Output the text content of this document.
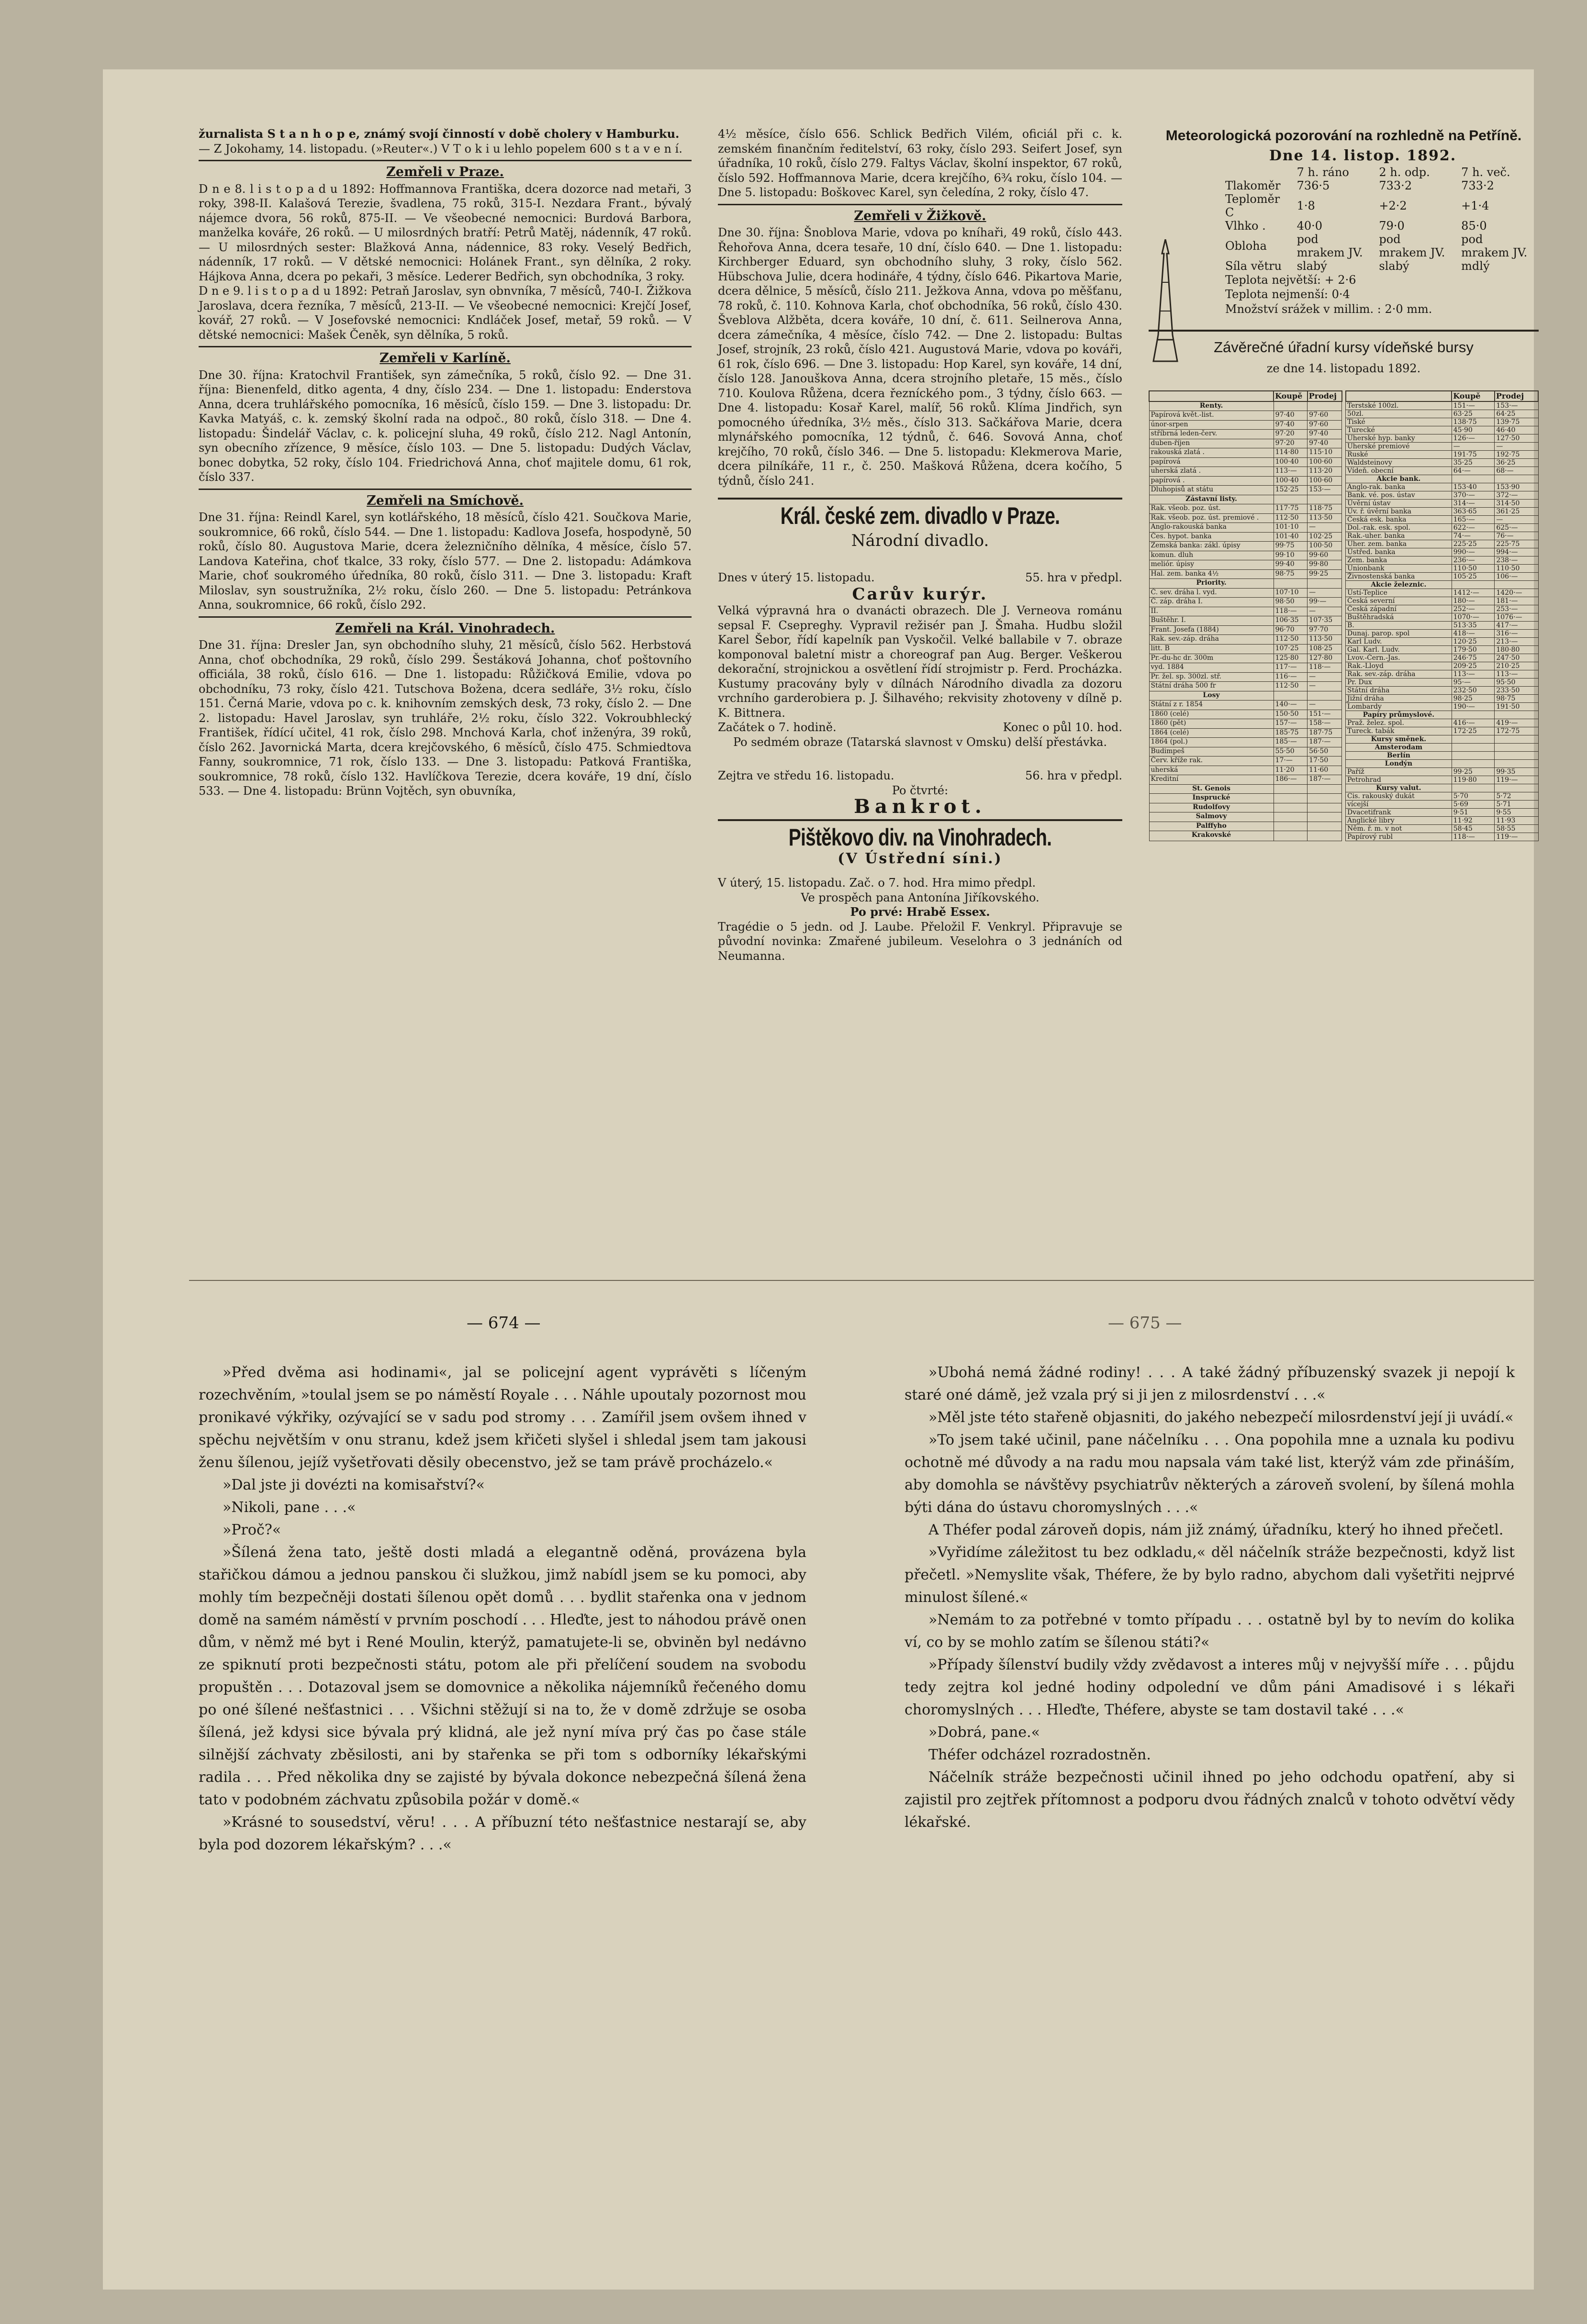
žurnalista S t a n h o p e, známý svojí činností v době cholery v Hamburku.

— Z Jokohamy, 14. listopadu. (»Reuter«.) V T o k i u lehlo popelem 600 s t a v e n í.

Zemřeli v Praze.

D n e 8. l i s t o p a d u 1892: Hoffmannova Františka, dcera dozorce nad metaři, 3 roky, 398-II. Kalašová Terezie, švadlena, 75 roků, 315-I. Nezdara Frant., bývalý nájemce dvora, 56 roků, 875-II. — Ve všeobecné nemocnici: Burdová Barbora, manželka kováře, 26 roků. — U milosrdných bratří: Petrů Matěj, nádenník, 47 roků. — U milosrdných sester: Blažková Anna, nádennice, 83 roky. Veselý Bedřich, nádenník, 17 roků. — V dětské nemocnici: Holánek Frant., syn dělníka, 2 roky. Hájkova Anna, dcera po pekaři, 3 měsíce. Lederer Bedřich, syn obchodníka, 3 roky.

D n e 9. l i s t o p a d u 1892: Petraň Jaroslav, syn obnvníka, 7 měsíců, 740-I. Žižkova Jaroslava, dcera řezníka, 7 měsíců, 213-II. — Ve všeobecné nemocnici: Krejčí Josef, kovář, 27 roků. — V Josefovské nemocnici: Kndláček Josef, metař, 59 roků. — V dětské nemocnici: Mašek Čeněk, syn dělníka, 5 roků.

Zemřeli v Karlíně.

Dne 30. října: Kratochvil František, syn zámečníka, 5 roků, číslo 92. — Dne 31. října: Bienenfeld, ditko agenta, 4 dny, číslo 234. — Dne 1. listopadu: Enderstova Anna, dcera truhlářského pomocníka, 16 měsíců, číslo 159. — Dne 3. listopadu: Dr. Kavka Matyáš, c. k. zemský školní rada na odpoč., 80 roků, číslo 318. — Dne 4. listopadu: Šindelář Václav, c. k. policejní sluha, 49 roků, číslo 212. Nagl Antonín, syn obecního zřízence, 9 měsíce, číslo 103. — Dne 5. listopadu: Dudých Václav, bonec dobytka, 52 roky, číslo 104. Friedrichová Anna, choť majitele domu, 61 rok, číslo 337.

Zemřeli na Smíchově.

Dne 31. října: Reindl Karel, syn kotlářského, 18 měsíců, číslo 421. Součkova Marie, soukromnice, 66 roků, číslo 544. — Dne 1. listopadu: Kadlova Josefa, hospodyně, 50 roků, číslo 80. Augustova Marie, dcera železničního dělníka, 4 měsíce, číslo 57. Landova Kateřina, choť tkalce, 33 roky, číslo 577. — Dne 2. listopadu: Adámkova Marie, choť soukromého úředníka, 80 roků, číslo 311. — Dne 3. listopadu: Kraft Miloslav, syn soustružníka, 2½ roku, číslo 260. — Dne 5. listopadu: Petránkova Anna, soukromnice, 66 roků, číslo 292.

Zemřeli na Král. Vinohradech.

Dne 31. října: Dresler Jan, syn obchodního sluhy, 21 měsíců, číslo 562. Herbstová Anna, choť obchodníka, 29 roků, číslo 299. Šestáková Johanna, choť poštovního officiála, 38 roků, číslo 616. — Dne 1. listopadu: Růžičková Emilie, vdova po obchodníku, 73 roky, číslo 421. Tutschova Božena, dcera sedláře, 3½ roku, číslo 151. Černá Marie, vdova po c. k. knihovním zemských desk, 73 roky, číslo 2. — Dne 2. listopadu: Havel Jaroslav, syn truhláře, 2½ roku, číslo 322. Vokroubhlecký František, řídící učitel, 41 rok, číslo 298. Mnchová Karla, choť inženýra, 39 roků, číslo 262. Javornická Marta, dcera krejčovského, 6 měsíců, číslo 475. Schmiedtova Fanny, soukromnice, 71 rok, číslo 133. — Dne 3. listopadu: Patková Františka, soukromnice, 78 roků, číslo 132. Havlíčkova Terezie, dcera kováře, 19 dní, číslo 533. — Dne 4. listopadu: Brünn Vojtěch, syn obuvníka,

4½ měsíce, číslo 656. Schlick Bedřich Vilém, oficiál při c. k. zemském finančním ředitelství, 63 roky, číslo 293. Seifert Josef, syn úřadníka, 10 roků, číslo 279. Faltys Václav, školní inspektor, 67 roků, číslo 592. Hoffmannova Marie, dcera krejčího, 6¾ roku, číslo 104. — Dne 5. listopadu: Boškovec Karel, syn čeledína, 2 roky, číslo 47.

Zemřeli v Žižkově.

Dne 30. října: Šnoblova Marie, vdova po kníhaři, 49 roků, číslo 443. Řehořova Anna, dcera tesaře, 10 dní, číslo 640. — Dne 1. listopadu: Kirchberger Eduard, syn obchodního sluhy, 3 roky, číslo 562. Hübschova Julie, dcera hodináře, 4 týdny, číslo 646. Pikartova Marie, dcera dělnice, 5 měsíců, číslo 211. Ježkova Anna, vdova po měšťanu, 78 roků, č. 110. Kohnova Karla, choť obchodníka, 56 roků, číslo 430. Šveblova Alžběta, dcera kováře, 10 dní, č. 611. Seilnerova Anna, dcera zámečníka, 4 měsíce, číslo 742. — Dne 2. listopadu: Bultas Josef, strojník, 23 roků, číslo 421. Augustová Marie, vdova po kováři, 61 rok, číslo 696. — Dne 3. listopadu: Hop Karel, syn kováře, 14 dní, číslo 128. Janouškova Anna, dcera strojního pletaře, 15 měs., číslo 710. Koulova Růžena, dcera řezníckého pom., 3 týdny, číslo 663. — Dne 4. listopadu: Kosař Karel, malíř, 56 roků. Klíma Jindřich, syn pomocného úředníka, 3½ měs., číslo 313. Sačkářova Marie, dcera mlynářského pomocníka, 12 týdnů, č. 646. Sovová Anna, choť krejčího, 70 roků, číslo 346. — Dne 5. listopadu: Klekmerova Marie, dcera pilníkáře, 11 r., č. 250. Mašková Růžena, dcera kočího, 5 týdnů, číslo 241.

Král. české zem. divadlo v Praze.
Národní divadlo.
Dnes v úterý 15. listopadu.	55. hra v předpl.
Carův kurýr.

Velká výpravná hra o dvanácti obrazech. Dle J. Verneova románu sepsal F. Csepreghy. Vypravil režisér pan J. Šmaha. Hudbu složil Karel Šebor, řídí kapelník pan Vyskočil. Velké ballabile v 7. obraze komponoval baletní mistr a choreograf pan Aug. Berger. Veškerou dekorační, strojnickou a osvětlení řídí strojmistr p. Ferd. Procházka. Kustumy pracovány byly v dílnách Národního divadla za dozoru vrchního garderobiera p. J. Šilhavého; rekvisity zhotoveny v dílně p. K. Bittnera.

Začátek o 7. hodině.	Konec o půl 10. hod.

Po sedmém obraze (Tatarská slavnost v Omsku) delší přestávka.

Zejtra ve středu 16. listopadu.	56. hra v předpl.
Po čtvrté:
Bankrot.
Pištěkovo div. na Vinohradech.
(V Ústřední síni.)

V úterý, 15. listopadu. Zač. o 7. hod. Hra mimo předpl.

Ve prospěch pana Antonína Jiříkovského.

Po prvé: Hrabě Essex.

Tragédie o 5 jedn. od J. Laube. Přeložil F. Venkryl. Připravuje se původní novinka: Zmařené jubileum. Veselohra o 3 jednáních od Neumanna.

Meteorologická pozorování na rozhledně na Petříně.
Dne 14. listop. 1892.
	7 h. ráno	2 h. odp.	7 h. več.
Tlakoměr	736·5	733·2	733·2
Teploměr C	1·8	+2·2	+1·4
Vlhko .	40·0	79·0	85·0
Obloha	pod mrakem JV.	pod mrakem JV.	pod mrakem JV.
Síla větru	slabý	slabý	mdlý
Teplota největší: + 2·6
Teplota nejmenší: 0·4
Množství srážek v millim. : 2·0 mm.
Závěrečné úřadní kursy vídeňské bursy
ze dne 14. listopadu 1892.
	Koupě	Prodej
Renty.		
Papírová květ.-list.	97·40	97·60
únor-srpen	97·40	97·60
stříbrná leden-červ.	97·20	97·40
duben-říjen	97·20	97·40
rakouská zlatá .	114·80	115·10
papírová	100·40	100·60
uherská zlatá .	113·—	113·20
papírová .	100·40	100·60
Dluhopisů at státu	152·25	153·—
Zástavní listy.		
Rak. všeob. poz. úst.	117·75	118·75
Rak. všeob. poz. úst. premiové .	112·50	113·50
Anglo-rakouská banka	101·10	—
Čes. hypot. banka	101·40	102·25
Zemská banka: zákl. úpisy	99·75	100·50
komun. dluh	99·10	99·60
meliór. úpisy	99·40	99·80
Hal. zem. banka 4½	98·75	99·25
Priority.		
Č. sev. dráha l. vyd.	107·10	—
Č. záp. dráha I.	98·50	99·—
II.	118·—	—
Buštěhr. I.	106·35	107·35
Frant. Josefa (1884)	96·70	97·70
Rak. sev.-záp. dráha	112·50	113·50
litt. B	107·25	108·25
Pr.-du-hc dr. 300m	125·80	127·80
vyd. 1884	117·—	118·—
Pr. žel. sp. 300zl. stř.	116·—	—
Státní dráha 500 fr	112·50	—
Losy		
Státní z r. 1854	140·—	—
1860 (celé)	150·50	151·—
1860 (pět)	157·—	158·—
1864 (celé)	185·75	187·75
1864 (pol.)	185·—	187·—
Budimpeš	55·50	56·50
Červ. kříže rak.	17·—	17·50
uherská	11·20	11·60
Kreditní	186·—	187·—
St. Genois		
Insprucké		
Rudolfovy		
Salmovy		
Palffyho		
Krakovské		
	Koupě	Prodej
Terstské 100zl.	151·—	153·—
50zl.	63·25	64·25
Tiské	138·75	139·75
Turecké	45·90	46·40
Uherské hyp. banky	126·—	127·50
Uherské premiové	—	—
Ruské	191·75	192·75
Waldsteinovy	35·25	36·25
Vídeň. obecní	64·—	68·—
Akcie bank.		
Anglo-rak. banka	153·40	153·90
Bank. vé. pos. ústav	370·—	372·—
Úvěrní ústav	314·—	314·50
Úv. ř. úvěrní banka	363·65	361·25
Česká esk. banka	165·—	—
Dol.-rak. esk. spol.	622·—	625·—
Rak.-uher. banka	74·—	76·—
Uher. zem. banka	225·25	225·75
Ústřed. banka	990·—	994·—
Zem. banka	236·—	238·—
Unionbank	110·50	110·50
Živnostenská banka	105·25	106·—
Akcie železnic.		
Ústí-Teplice	1412·—	1420·—
Česká severní	180·—	181·—
Česká západní	252·—	253·—
Buštěhradská	1070·—	1076·—
B.	513·35	417·—
Dunaj. parop. spol	418·—	316·—
Karl Ludv.	120·25	213·—
Gal. Karl. Ludv.	179·50	180·80
Lvov.-Čern.-Jas.	246·75	247·50
Rak.-Lloyd	209·25	210·25
Rak. sev.-záp. dráha	113·—	113·—
Pr. Dux	95·—	95·50
Státní dráha	232·50	233·50
Jižní dráha	98·25	98·75
Lombardy	190·—	191·50
Papíry průmyslové.		
Praž. želez. spol.	416·—	419·—
Tureck. tabák	172·25	172·75
Kursy směnek.		
Amsterodam		
Berlín		
Londýn		
Paříž	99·25	99·35
Petrohrad	119·80	119·—
Kursy valut.		
Cis. rakouský dukát	5·70	5·72
vícejší	5·69	5·71
Dvacetifrank	9·51	9·55
Anglické libry	11·92	11·93
Něm. ř. m. v not	58·45	58·55
Papírový rubl	118·—	119·—
— 674 —	— 675 —

»Před dvěma asi hodinami«, jal se policejní agent vyprávěti s líčeným rozechvěním, »toulal jsem se po náměstí Royale . . . Náhle upoutaly pozornost mou pronikavé výkřiky, ozývající se v sadu pod stromy . . . Zamířil jsem ovšem ihned v spěchu největším v onu stranu, kdež jsem křičeti slyšel i shledal jsem tam jakousi ženu šílenou, jejíž vyšetřovati děsily obecenstvo, jež se tam právě procházelo.«

»Dal jste ji dovézti na komisařství?«

»Nikoli, pane . . .«

»Proč?«

»Šílená žena tato, ještě dosti mladá a elegantně oděná, provázena byla stařičkou dámou a jednou panskou či služkou, jimž nabídl jsem se ku pomoci, aby mohly tím bezpečněji dostati šílenou opět domů . . . bydlit stařenka ona v jednom domě na samém náměstí v prvním poschodí . . . Hleďte, jest to náhodou právě onen dům, v němž mé byt i René Moulin, kterýž, pamatujete-li se, obviněn byl nedávno ze spiknutí proti bezpečnosti státu, potom ale při přelíčení soudem na svobodu propuštěn . . . Dotazoval jsem se domovnice a několika nájemníků řečeného domu po oné šílené nešťastnici . . . Všichni stěžují si na to, že v domě zdržuje se osoba šílená, jež kdysi sice bývala prý klidná, ale jež nyní míva prý čas po čase stále silnější záchvaty zběsilosti, ani by stařenka se při tom s odborníky lékařskými radila . . . Před několika dny se zajisté by bývala dokonce nebezpečná šílená žena tato v podobném záchvatu způsobila požár v domě.«

»Krásné to sousedství, věru! . . . A příbuzní této nešťastnice nestarají se, aby byla pod dozorem lékařským? . . .«

»Ubohá nemá žádné rodiny! . . . A také žádný příbuzenský svazek ji nepojí k staré oné dámě, jež vzala prý si ji jen z milosrdenství . . .«

»Měl jste této stařeně objasniti, do jakého nebezpečí milosrdenství její ji uvádí.«

»To jsem také učinil, pane náčelníku . . . Ona popohila mne a uznala ku podivu ochotně mé důvody a na radu mou napsala vám také list, kterýž vám zde přináším, aby domohla se návštěvy psychiatrův některých a zároveň svolení, by šílená mohla býti dána do ústavu choromyslných . . .«

A Théfer podal zároveň dopis, nám již známý, úřadníku, který ho ihned přečetl.

»Vyřidíme záležitost tu bez odkladu,« děl náčelník stráže bezpečnosti, když list přečetl. »Nemyslite však, Théfere, že by bylo radno, abychom dali vyšetřiti nejprvé minulost šílené.«

»Nemám to za potřebné v tomto případu . . . ostatně byl by to nevím do kolika ví, co by se mohlo zatím se šílenou státi?«

»Případy šílenství budily vždy zvědavost a interes můj v nejvyšší míře . . . půjdu tedy zejtra kol jedné hodiny odpolední ve dům páni Amadisové i s lékaři choromyslných . . . Hleďte, Théfere, abyste se tam dostavil také . . .«

»Dobrá, pane.«

Théfer odcházel rozradostněn.

Náčelník stráže bezpečnosti učinil ihned po jeho odchodu opatření, aby si zajistil pro zejtřek přítomnost a podporu dvou řádných znalců v tohoto odvětví vědy lékařské.
